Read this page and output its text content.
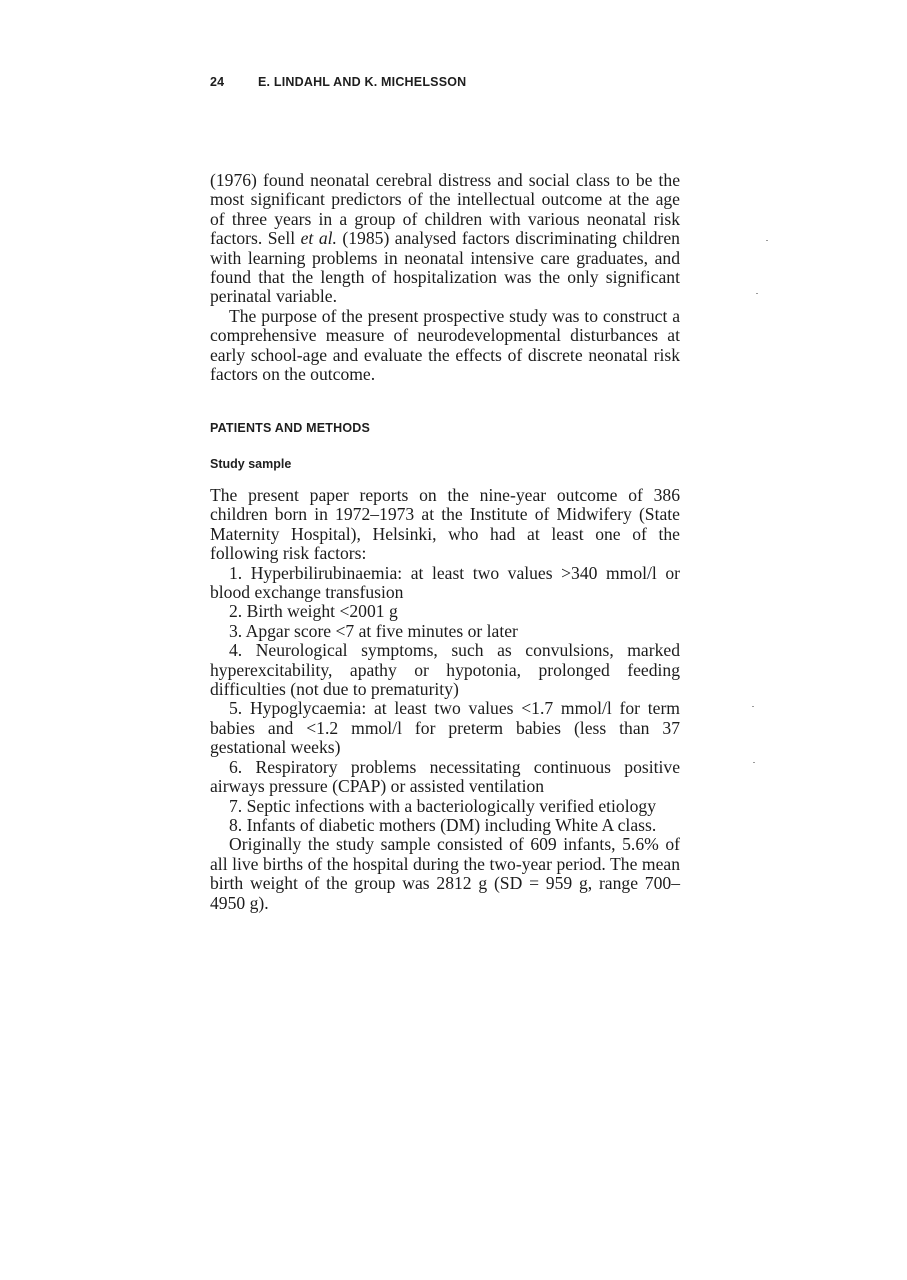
24	E. LINDAHL AND K. MICHELSSON

(1976) found neonatal cerebral distress and social class to be the most significant predictors of the intellectual outcome at the age of three years in a group of children with various neonatal risk factors. Sell et al. (1985) analysed factors discriminating children with learning problems in neonatal intensive care graduates, and found that the length of hospitalization was the only significant perinatal variable.

The purpose of the present prospective study was to construct a comprehensive measure of neurodevelopmental disturbances at early school-age and evaluate the effects of discrete neonatal risk factors on the outcome.

PATIENTS AND METHODS
Study sample

The present paper reports on the nine-year outcome of 386 children born in 1972–1973 at the Institute of Midwifery (State Maternity Hospital), Helsinki, who had at least one of the following risk factors:

1. Hyperbilirubinaemia: at least two values >340 mmol/l or blood exchange transfusion
2. Birth weight <2001 g
3. Apgar score <7 at five minutes or later
4. Neurological symptoms, such as convulsions, marked hyperexcitability, apathy or hypotonia, prolonged feeding difficulties (not due to prematurity)
5. Hypoglycaemia: at least two values <1.7 mmol/l for term babies and <1.2 mmol/l for preterm babies (less than 37 gestational weeks)
6. Respiratory problems necessitating continuous positive airways pressure (CPAP) or assisted ventilation
7. Septic infections with a bacteriologically verified etiology
8. Infants of diabetic mothers (DM) including White A class.

Originally the study sample consisted of 609 infants, 5.6% of all live births of the hospital during the two-year period. The mean birth weight of the group was 2812 g (SD = 959 g, range 700–4950 g).
